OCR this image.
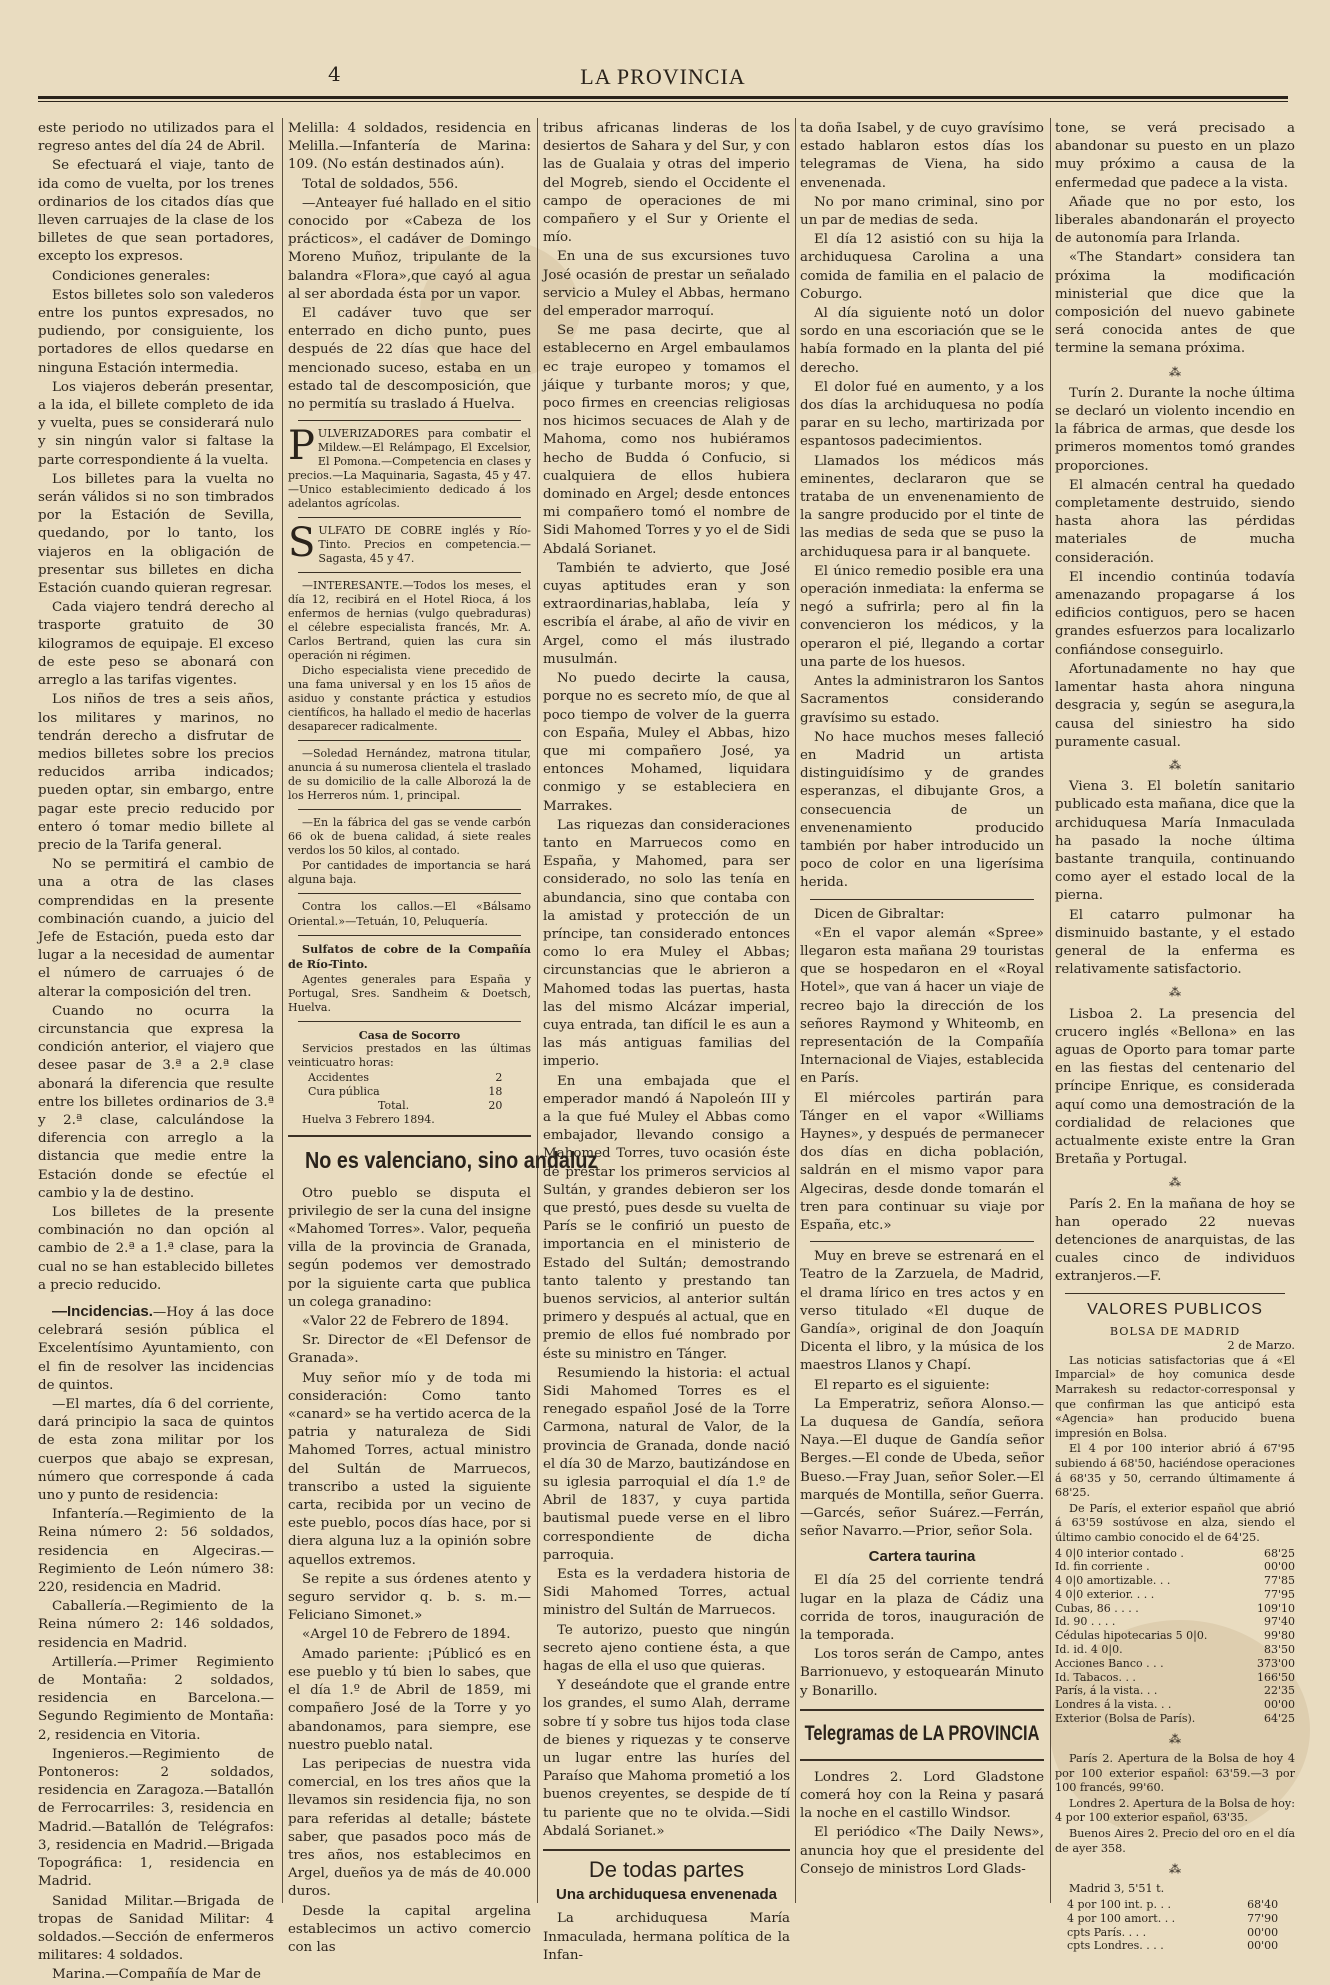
4	LA PROVINCIA

este periodo no utilizados para el regreso antes del día 24 de Abril.

Se efectuará el viaje, tanto de ida como de vuelta, por los trenes ordinarios de los citados días que lleven carruajes de la clase de los billetes de que sean portadores, excepto los expresos.

Condiciones generales:

Estos billetes solo son valederos entre los puntos expresados, no pudiendo, por consiguiente, los portadores de ellos quedarse en ninguna Estación intermedia.

Los viajeros deberán presentar, a la ida, el billete completo de ida y vuelta, pues se considerará nulo y sin ningún valor si faltase la parte correspondiente á la vuelta.

Los billetes para la vuelta no serán válidos si no son timbrados por la Estación de Sevilla, quedando, por lo tanto, los viajeros en la obligación de presentar sus billetes en dicha Estación cuando quieran regresar.

Cada viajero tendrá derecho al trasporte gratuito de 30 kilogramos de equipaje. El exceso de este peso se abonará con arreglo a las tarifas vigentes.

Los niños de tres a seis años, los militares y marinos, no tendrán derecho a disfrutar de medios billetes sobre los precios reducidos arriba indicados; pueden optar, sin embargo, entre pagar este precio reducido por entero ó tomar medio billete al precio de la Tarifa general.

No se permitirá el cambio de una a otra de las clases comprendidas en la presente combinación cuando, a juicio del Jefe de Estación, pueda esto dar lugar a la necesidad de aumentar el número de carruajes ó de alterar la composición del tren.

Cuando no ocurra la circunstancia que expresa la condición anterior, el viajero que desee pasar de 3.ª a 2.ª clase abonará la diferencia que resulte entre los billetes ordinarios de 3.ª y 2.ª clase, calculándose la diferencia con arreglo a la distancia que medie entre la Estación donde se efectúe el cambio y la de destino.

Los billetes de la presente combinación no dan opción al cambio de 2.ª a 1.ª clase, para la cual no se han establecido billetes a precio reducido.

—Incidencias.—Hoy á las doce celebrará sesión pública el Excelentísimo Ayuntamiento, con el fin de resolver las incidencias de quintos.

—El martes, día 6 del corriente, dará principio la saca de quintos de esta zona militar por los cuerpos que abajo se expresan, número que corresponde á cada uno y punto de residencia:

Infantería.—Regimiento de la Reina número 2: 56 soldados, residencia en Algeciras.—Regimiento de León número 38: 220, residencia en Madrid.

Caballería.—Regimiento de la Reina número 2: 146 soldados, residencia en Madrid.

Artillería.—Primer Regimiento de Montaña: 2 soldados, residencia en Barcelona.—Segundo Regimiento de Montaña: 2, residencia en Vitoria.

Ingenieros.—Regimiento de Pontoneros: 2 soldados, residencia en Zaragoza.—Batallón de Ferrocarriles: 3, residencia en Madrid.—Batallón de Telégrafos: 3, residencia en Madrid.—Brigada Topográfica: 1, residencia en Madrid.

Sanidad Militar.—Brigada de tropas de Sanidad Militar: 4 soldados.—Sección de enfermeros militares: 4 soldados.

Marina.—Compañía de Mar de

Melilla: 4 soldados, residencia en Melilla.—Infantería de Marina: 109. (No están destinados aún).

Total de soldados, 556.

—Anteayer fué hallado en el sitio conocido por «Cabeza de los prácticos», el cadáver de Domingo Moreno Muñoz, tripulante de la balandra «Flora»,que cayó al agua al ser abordada ésta por un vapor.

El cadáver tuvo que ser enterrado en dicho punto, pues después de 22 días que hace del mencionado suceso, estaba en un estado tal de descomposición, que no permitía su traslado á Huelva.

PULVERIZADORES para combatir el Mildew.—El Relámpago, El Excelsior, El Pomona.—Competencia en clases y precios.—La Maquinaria, Sagasta, 45 y 47.—Unico establecimiento dedicado á los adelantos agrícolas.
SULFATO DE COBRE inglés y Río-Tinto. Precios en competencia.—Sagasta, 45 y 47.

—INTERESANTE.—Todos los meses, el día 12, recibirá en el Hotel Rioca, á los enfermos de hernias (vulgo quebraduras) el célebre especialista francés, Mr. A. Carlos Bertrand, quien las cura sin operación ni régimen.

Dicho especialista viene precedido de una fama universal y en los 15 años de asiduo y constante práctica y estudios científicos, ha hallado el medio de hacerlas desaparecer radicalmente.

—Soledad Hernández, matrona titular, anuncia á su numerosa clientela el traslado de su domicilio de la calle Alborozá la de los Herreros núm. 1, principal.

—En la fábrica del gas se vende carbón 66 ok de buena calidad, á siete reales verdos los 50 kilos, al contado.

Por cantidades de importancia se hará alguna baja.

Contra los callos.—El «Bálsamo Oriental.»—Tetuán, 10, Peluquería.

Sulfatos de cobre de la Compañía de Río-Tinto.

Agentes generales para España y Portugal, Sres. Sandheim & Doetsch, Huelva.

Casa de Socorro

Servicios prestados en las últimas veinticuatro horas:

Accidentes	2
Cura pública	18
Total.	20

Huelva 3 Febrero 1894.

No es valenciano, sino andaluz

Otro pueblo se disputa el privilegio de ser la cuna del insigne «Mahomed Torres». Valor, pequeña villa de la provincia de Granada, según podemos ver demostrado por la siguiente carta que publica un colega granadino:

«Valor 22 de Febrero de 1894.

Sr. Director de «El Defensor de Granada».

Muy señor mío y de toda mi consideración: Como tanto «canard» se ha vertido acerca de la patria y naturaleza de Sidi Mahomed Torres, actual ministro del Sultán de Marruecos, transcribo a usted la siguiente carta, recibida por un vecino de este pueblo, pocos días hace, por si diera alguna luz a la opinión sobre aquellos extremos.

Se repite a sus órdenes atento y seguro servidor q. b. s. m.—Feliciano Simonet.»

«Argel 10 de Febrero de 1894.

Amado pariente: ¡Públicó es en ese pueblo y tú bien lo sabes, que el día 1.º de Abril de 1859, mi compañero José de la Torre y yo abandonamos, para siempre, ese nuestro pueblo natal.

Las peripecias de nuestra vida comercial, en los tres años que la llevamos sin residencia fija, no son para referidas al detalle; bástete saber, que pasados poco más de tres años, nos establecimos en Argel, dueños ya de más de 40.000 duros.

Desde la capital argelina establecimos un activo comercio con las

tribus africanas linderas de los desiertos de Sahara y del Sur, y con las de Gualaia y otras del imperio del Mogreb, siendo el Occidente el campo de operaciones de mi compañero y el Sur y Oriente el mío.

En una de sus excursiones tuvo José ocasión de prestar un señalado servicio a Muley el Abbas, hermano del emperador marroquí.

Se me pasa decirte, que al establecerno en Argel embaulamos ec traje europeo y tomamos el jáique y turbante moros; y que, poco firmes en creencias religiosas nos hicimos secuaces de Alah y de Mahoma, como nos hubiéramos hecho de Budda ó Confucio, si cualquiera de ellos hubiera dominado en Argel; desde entonces mi compañero tomó el nombre de Sidi Mahomed Torres y yo el de Sidi Abdalá Sorianet.

También te advierto, que José cuyas aptitudes eran y son extraordinarias,hablaba, leía y escribía el árabe, al año de vivir en Argel, como el más ilustrado musulmán.

No puedo decirte la causa, porque no es secreto mío, de que al poco tiempo de volver de la guerra con España, Muley el Abbas, hizo que mi compañero José, ya entonces Mohamed, liquidara conmigo y se estableciera en Marrakes.

Las riquezas dan consideraciones tanto en Marruecos como en España, y Mahomed, para ser considerado, no solo las tenía en abundancia, sino que contaba con la amistad y protección de un príncipe, tan considerado entonces como lo era Muley el Abbas; circunstancias que le abrieron a Mahomed todas las puertas, hasta las del mismo Alcázar imperial, cuya entrada, tan difícil le es aun a las más antiguas familias del imperio.

En una embajada que el emperador mandó á Napoleón III y a la que fué Muley el Abbas como embajador, llevando consigo a Mahomed Torres, tuvo ocasión éste de prestar los primeros servicios al Sultán, y grandes debieron ser los que prestó, pues desde su vuelta de París se le confirió un puesto de importancia en el ministerio de Estado del Sultán; demostrando tanto talento y prestando tan buenos servicios, al anterior sultán primero y después al actual, que en premio de ellos fué nombrado por éste su ministro en Tánger.

Resumiendo la historia: el actual Sidi Mahomed Torres es el renegado español José de la Torre Carmona, natural de Valor, de la provincia de Granada, donde nació el día 30 de Marzo, bautizándose en su iglesia parroquial el día 1.º de Abril de 1837, y cuya partida bautismal puede verse en el libro correspondiente de dicha parroquia.

Esta es la verdadera historia de Sidi Mahomed Torres, actual ministro del Sultán de Marruecos.

Te autorizo, puesto que ningún secreto ajeno contiene ésta, a que hagas de ella el uso que quieras.

Y deseándote que el grande entre los grandes, el sumo Alah, derrame sobre tí y sobre tus hijos toda clase de bienes y riquezas y te conserve un lugar entre las huríes del Paraíso que Mahoma prometió a los buenos creyentes, se despide de tí tu pariente que no te olvida.—Sidi Abdalá Sorianet.»

De todas partes
Una archiduquesa envenenada

La archiduquesa María Inmaculada, hermana política de la Infan-

ta doña Isabel, y de cuyo gravísimo estado hablaron estos días los telegramas de Viena, ha sido envenenada.

No por mano criminal, sino por un par de medias de seda.

El día 12 asistió con su hija la archiduquesa Carolina a una comida de familia en el palacio de Coburgo.

Al día siguiente notó un dolor sordo en una escoriación que se le había formado en la planta del pié derecho.

El dolor fué en aumento, y a los dos días la archiduquesa no podía parar en su lecho, martirizada por espantosos padecimientos.

Llamados los médicos más eminentes, declararon que se trataba de un envenenamiento de la sangre producido por el tinte de las medias de seda que se puso la archiduquesa para ir al banquete.

El único remedio posible era una operación inmediata: la enferma se negó a sufrirla; pero al fin la convencieron los médicos, y la operaron el pié, llegando a cortar una parte de los huesos.

Antes la administraron los Santos Sacramentos considerando gravísimo su estado.

No hace muchos meses falleció en Madrid un artista distinguidísimo y de grandes esperanzas, el dibujante Gros, a consecuencia de un envenenamiento producido también por haber introducido un poco de color en una ligerísima herida.

Dicen de Gibraltar:

«En el vapor alemán «Spree» llegaron esta mañana 29 touristas que se hospedaron en el «Royal Hotel», que van á hacer un viaje de recreo bajo la dirección de los señores Raymond y Whiteomb, en representación de la Compañía Internacional de Viajes, establecida en París.

El miércoles partirán para Tánger en el vapor «Williams Haynes», y después de permanecer dos días en dicha población, saldrán en el mismo vapor para Algeciras, desde donde tomarán el tren para continuar su viaje por España, etc.»

Muy en breve se estrenará en el Teatro de la Zarzuela, de Madrid, el drama lírico en tres actos y en verso titulado «El duque de Gandía», original de don Joaquín Dicenta el libro, y la música de los maestros Llanos y Chapí.

El reparto es el siguiente:

La Emperatriz, señora Alonso.—La duquesa de Gandía, señora Naya.—El duque de Gandía señor Berges.—El conde de Ubeda, señor Bueso.—Fray Juan, señor Soler.—El marqués de Montilla, señor Guerra.—Garcés, señor Suárez.—Ferrán, señor Navarro.—Prior, señor Sola.

Cartera taurina

El día 25 del corriente tendrá lugar en la plaza de Cádiz una corrida de toros, inauguración de la temporada.

Los toros serán de Campo, antes Barrionuevo, y estoquearán Minuto y Bonarillo.

Telegramas de LA PROVINCIA

Londres 2. Lord Gladstone comerá hoy con la Reina y pasará la noche en el castillo Windsor.

El periódico «The Daily News», anuncia hoy que el presidente del Consejo de ministros Lord Glads-

tone, se verá precisado a abandonar su puesto en un plazo muy próximo a causa de la enfermedad que padece a la vista.

Añade que no por esto, los liberales abandonarán el proyecto de autonomía para Irlanda.

«The Standart» considera tan próxima la modificación ministerial que dice que la composición del nuevo gabinete será conocida antes de que termine la semana próxima.

⁂

Turín 2. Durante la noche última se declaró un violento incendio en la fábrica de armas, que desde los primeros momentos tomó grandes proporciones.

El almacén central ha quedado completamente destruido, siendo hasta ahora las pérdidas materiales de mucha consideración.

El incendio continúa todavía amenazando propagarse á los edificios contiguos, pero se hacen grandes esfuerzos para localizarlo confiándose conseguirlo.

Afortunadamente no hay que lamentar hasta ahora ninguna desgracia y, según se asegura,la causa del siniestro ha sido puramente casual.

⁂

Viena 3. El boletín sanitario publicado esta mañana, dice que la archiduquesa María Inmaculada ha pasado la noche última bastante tranquila, continuando como ayer el estado local de la pierna.

El catarro pulmonar ha disminuido bastante, y el estado general de la enferma es relativamente satisfactorio.

⁂

Lisboa 2. La presencia del crucero inglés «Bellona» en las aguas de Oporto para tomar parte en las fiestas del centenario del príncipe Enrique, es considerada aquí como una demostración de la cordialidad de relaciones que actualmente existe entre la Gran Bretaña y Portugal.

⁂

París 2. En la mañana de hoy se han operado 22 nuevas detenciones de anarquistas, de las cuales cinco de individuos extranjeros.—F.

VALORES PUBLICOS
BOLSA DE MADRID
2 de Marzo.

Las noticias satisfactorias que á «El Imparcial» de hoy comunica desde Marrakesh su redactor-corresponsal y que confirman las que anticipó esta «Agencia» han producido buena impresión en Bolsa.

El 4 por 100 interior abrió á 67'95 subiendo á 68'50, haciéndose operaciones á 68'35 y 50, cerrando últimamente á 68'25.

De París, el exterior español que abrió á 63'59 sostúvose en alza, siendo el último cambio conocido el de 64'25.

4 0|0 interior contado .	68'25
Id. fin corriente .	00'00
4 0|0 amortizable. . .	77'85
4 0|0 exterior. . . .	77'95
Cubas, 86 . . . .	109'10
Id. 90 . . . .	97'40
Cédulas hipotecarias 5 0|0.	99'80
Id. id. 4 0|0.	83'50
Acciones Banco . . .	373'00
Id. Tabacos. . .	166'50
París, á la vista. . .	22'35
Londres á la vista. . .	00'00
Exterior (Bolsa de París).	64'25
⁂

París 2. Apertura de la Bolsa de hoy 4 por 100 exterior español: 63'59.—3 por 100 francés, 99'60.

Londres 2. Apertura de la Bolsa de hoy: 4 por 100 exterior español, 63'35.

Buenos Aires 2. Precio del oro en el día de ayer 358.

⁂

Madrid 3, 5'51 t.

4 por 100 int. p. . .	68'40
4 por 100 amort. . .	77'90
cpts París. . . .	00'00
cpts Londres. . . .	00'00
